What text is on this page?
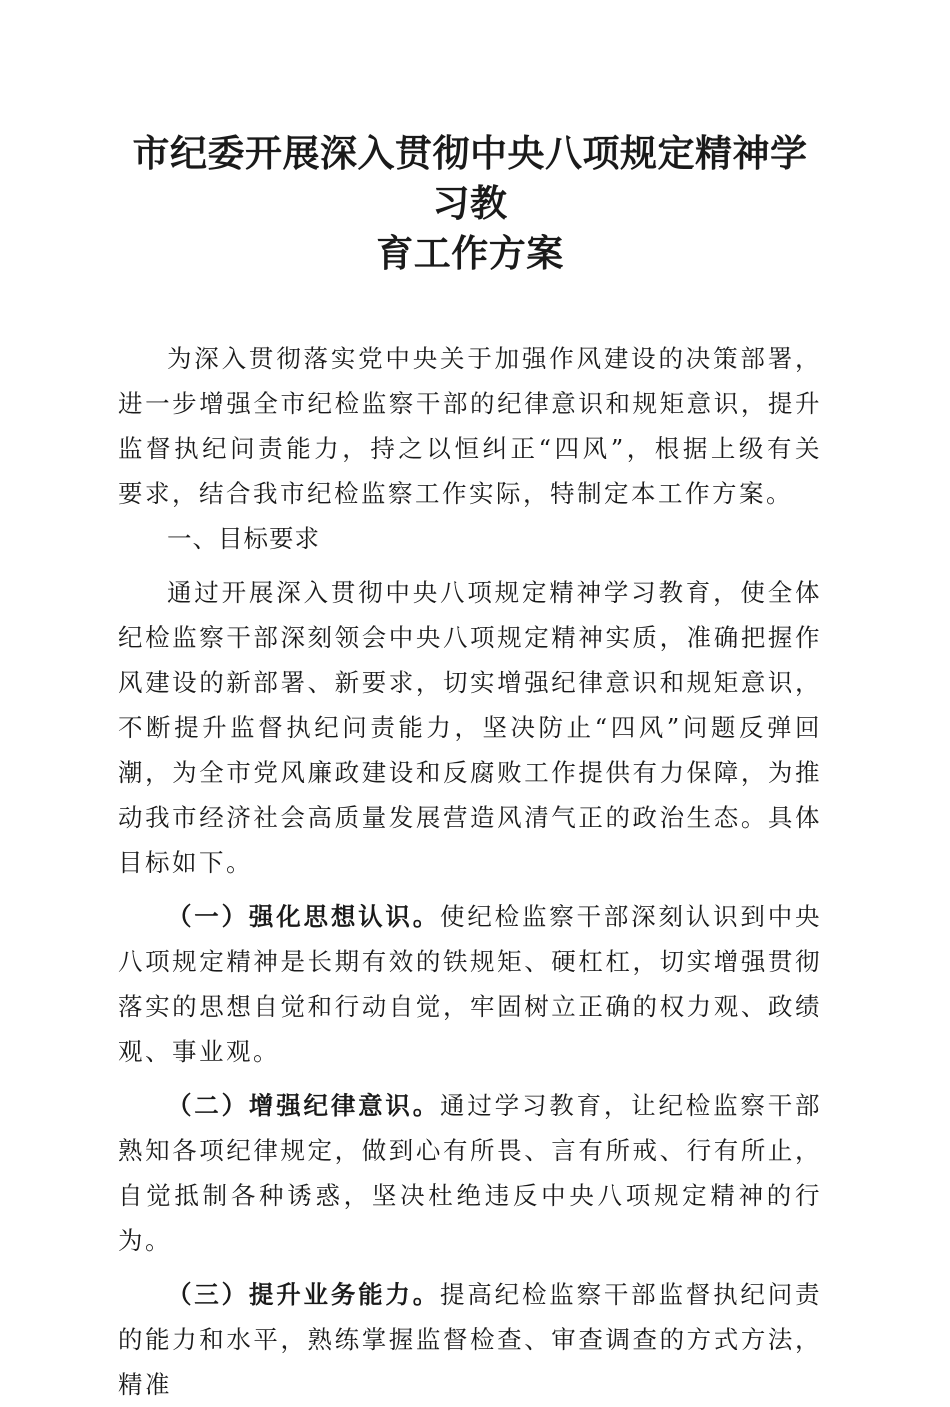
市纪委开展深入贯彻中央八项规定精神学习教
育工作方案

为深入贯彻落实党中央关于加强作风建设的决策部署，进一步增强全市纪检监察干部的纪律意识和规矩意识，提升监督执纪问责能力，持之以恒纠正“四风”，根据上级有关要求，结合我市纪检监察工作实际，特制定本工作方案。

一、目标要求

通过开展深入贯彻中央八项规定精神学习教育，使全体纪检监察干部深刻领会中央八项规定精神实质，准确把握作风建设的新部署、新要求，切实增强纪律意识和规矩意识，不断提升监督执纪问责能力，坚决防止“四风”问题反弹回潮，为全市党风廉政建设和反腐败工作提供有力保障，为推动我市经济社会高质量发展营造风清气正的政治生态。具体目标如下。

（一）强化思想认识。使纪检监察干部深刻认识到中央八项规定精神是长期有效的铁规矩、硬杠杠，切实增强贯彻落实的思想自觉和行动自觉，牢固树立正确的权力观、政绩观、事业观。

（二）增强纪律意识。通过学习教育，让纪检监察干部熟知各项纪律规定，做到心有所畏、言有所戒、行有所止，自觉抵制各种诱惑，坚决杜绝违反中央八项规定精神的行为。

（三）提升业务能力。提高纪检监察干部监督执纪问责的能力和水平，熟练掌握监督检查、审查调查的方式方法，精准
